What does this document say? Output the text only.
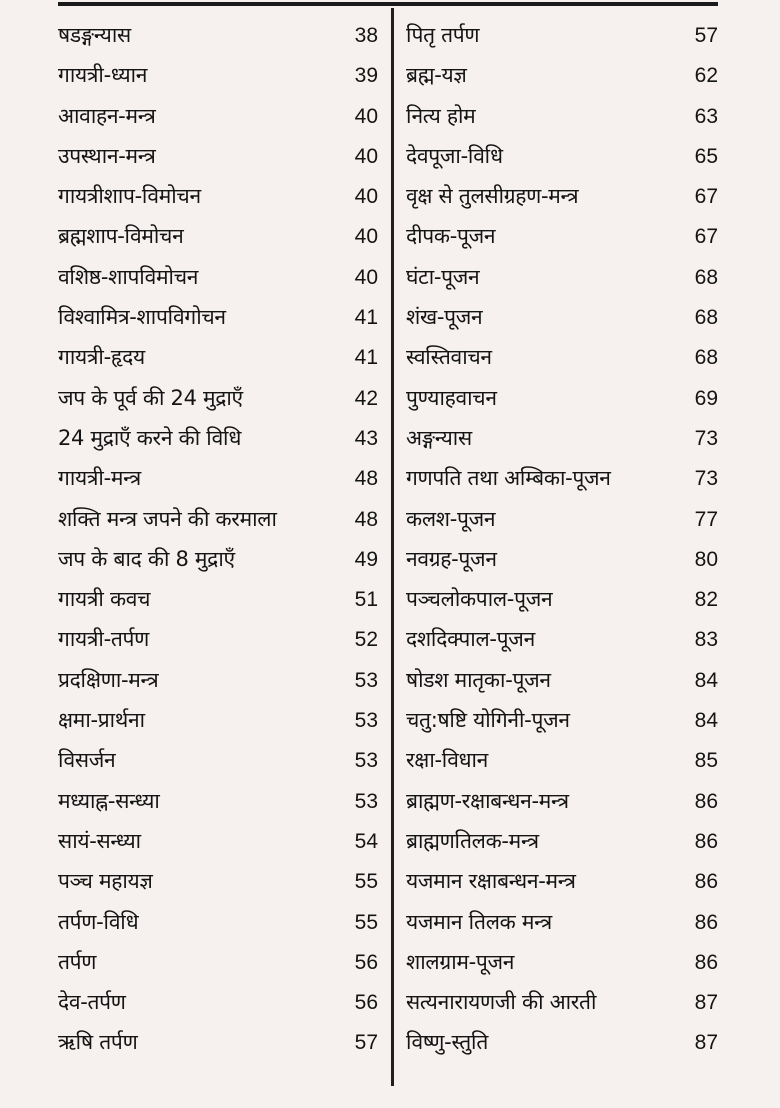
षडङ्गन्यास	38
गायत्री-ध्यान	39
आवाहन-मन्त्र	40
उपस्थान-मन्त्र	40
गायत्रीशाप-विमोचन	40
ब्रह्मशाप-विमोचन	40
वशिष्ठ-शापविमोचन	40
विश्वामित्र-शापविगोचन	41
गायत्री-हृदय	41
जप के पूर्व की 24 मुद्राएँ	42
24 मुद्राएँ करने की विधि	43
गायत्री-मन्त्र	48
शक्ति मन्त्र जपने की करमाला	48
जप के बाद की 8 मुद्राएँ	49
गायत्री कवच	51
गायत्री-तर्पण	52
प्रदक्षिणा-मन्त्र	53
क्षमा-प्रार्थना	53
विसर्जन	53
मध्याह्न-सन्ध्या	53
सायं-सन्ध्या	54
पञ्च महायज्ञ	55
तर्पण-विधि	55
तर्पण	56
देव-तर्पण	56
ऋषि तर्पण	57
पितृ तर्पण	57
ब्रह्म-यज्ञ	62
नित्य होम	63
देवपूजा-विधि	65
वृक्ष से तुलसीग्रहण-मन्त्र	67
दीपक-पूजन	67
घंटा-पूजन	68
शंख-पूजन	68
स्वस्तिवाचन	68
पुण्याहवाचन	69
अङ्गन्यास	73
गणपति तथा अम्बिका-पूजन	73
कलश-पूजन	77
नवग्रह-पूजन	80
पञ्चलोकपाल-पूजन	82
दशदिक्पाल-पूजन	83
षोडश मातृका-पूजन	84
चतु:षष्टि योगिनी-पूजन	84
रक्षा-विधान	85
ब्राह्मण-रक्षाबन्धन-मन्त्र	86
ब्राह्मणतिलक-मन्त्र	86
यजमान रक्षाबन्धन-मन्त्र	86
यजमान तिलक मन्त्र	86
शालग्राम-पूजन	86
सत्यनारायणजी की आरती	87
विष्णु-स्तुति	87
